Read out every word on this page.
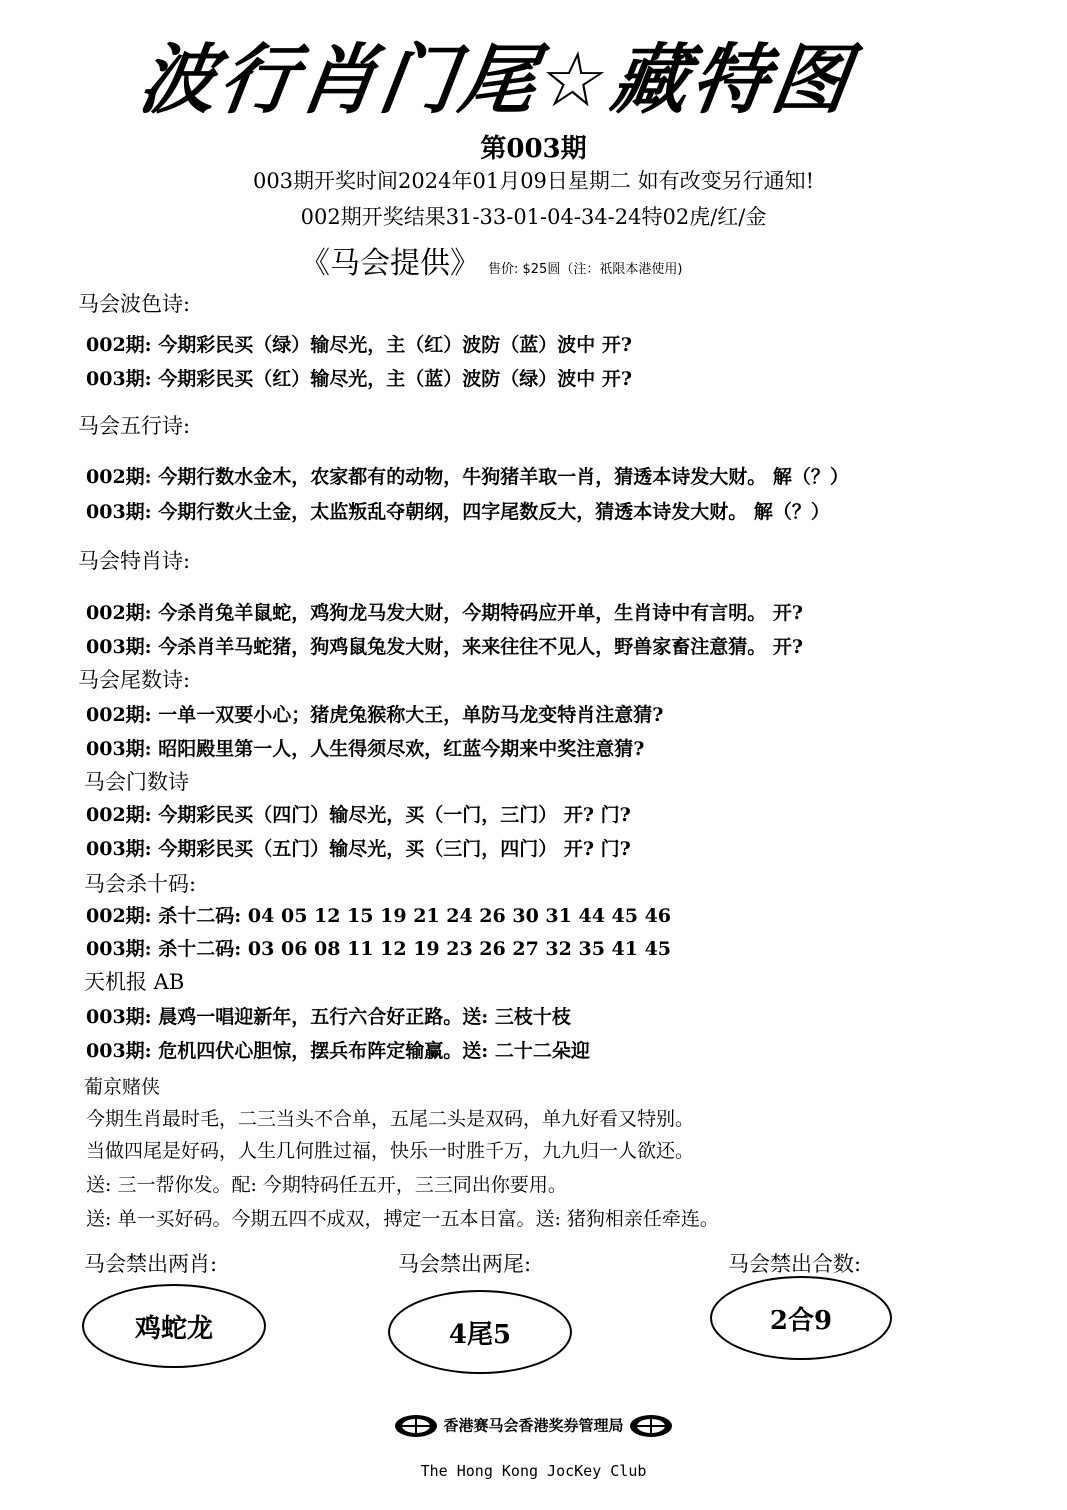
波行肖门尾☆藏特图
第003期
003期开奖时间2024年01月09日星期二 如有改变另行通知!
002期开奖结果31-33-01-04-34-24特02虎/红/金
《马会提供》 售价: $25圆（注：祇限本港使用)
马会波色诗:
002期: 今期彩民买（绿）输尽光，主（红）波防（蓝）波中 开?
003期: 今期彩民买（红）输尽光，主（蓝）波防（绿）波中 开?
马会五行诗:
002期: 今期行数水金木，农家都有的动物，牛狗猪羊取一肖，猜透本诗发大财。 解（？）
003期: 今期行数火土金，太监叛乱夺朝纲，四字尾数反大，猜透本诗发大财。 解（？）
马会特肖诗:
002期: 今杀肖兔羊鼠蛇，鸡狗龙马发大财，今期特码应开单，生肖诗中有言明。 开?
003期: 今杀肖羊马蛇猪，狗鸡鼠兔发大财，来来往往不见人，野兽家畜注意猜。 开?
马会尾数诗:
002期: 一单一双要小心；猪虎兔猴称大王，单防马龙变特肖注意猜?
003期: 昭阳殿里第一人，人生得须尽欢，红蓝今期来中奖注意猜?
马会门数诗
002期: 今期彩民买（四门）输尽光，买（一门，三门） 开? 门?
003期: 今期彩民买（五门）输尽光，买（三门，四门） 开? 门?
马会杀十码:
002期: 杀十二码: 04 05 12 15 19 21 24 26 30 31 44 45 46
003期: 杀十二码: 03 06 08 11 12 19 23 26 27 32 35 41 45
天机报 AB
003期: 晨鸡一唱迎新年，五行六合好正路。送: 三枝十枝
003期: 危机四伏心胆惊，摆兵布阵定输赢。送: 二十二朵迎
葡京赌侠
今期生肖最时毛，二三当头不合单，五尾二头是双码，单九好看又特别。
当做四尾是好码，人生几何胜过福，快乐一时胜千万，九九归一人欲还。
送: 三一帮你发。配: 今期特码任五开，三三同出你要用。
送: 单一买好码。今期五四不成双，搏定一五本日富。送: 猪狗相亲任牵连。
马会禁出两肖:	马会禁出两尾:	马会禁出合数:
鸡蛇龙	4尾5	2合9
香港赛马会香港奖券管理局
The Hong Kong JocKey Club
